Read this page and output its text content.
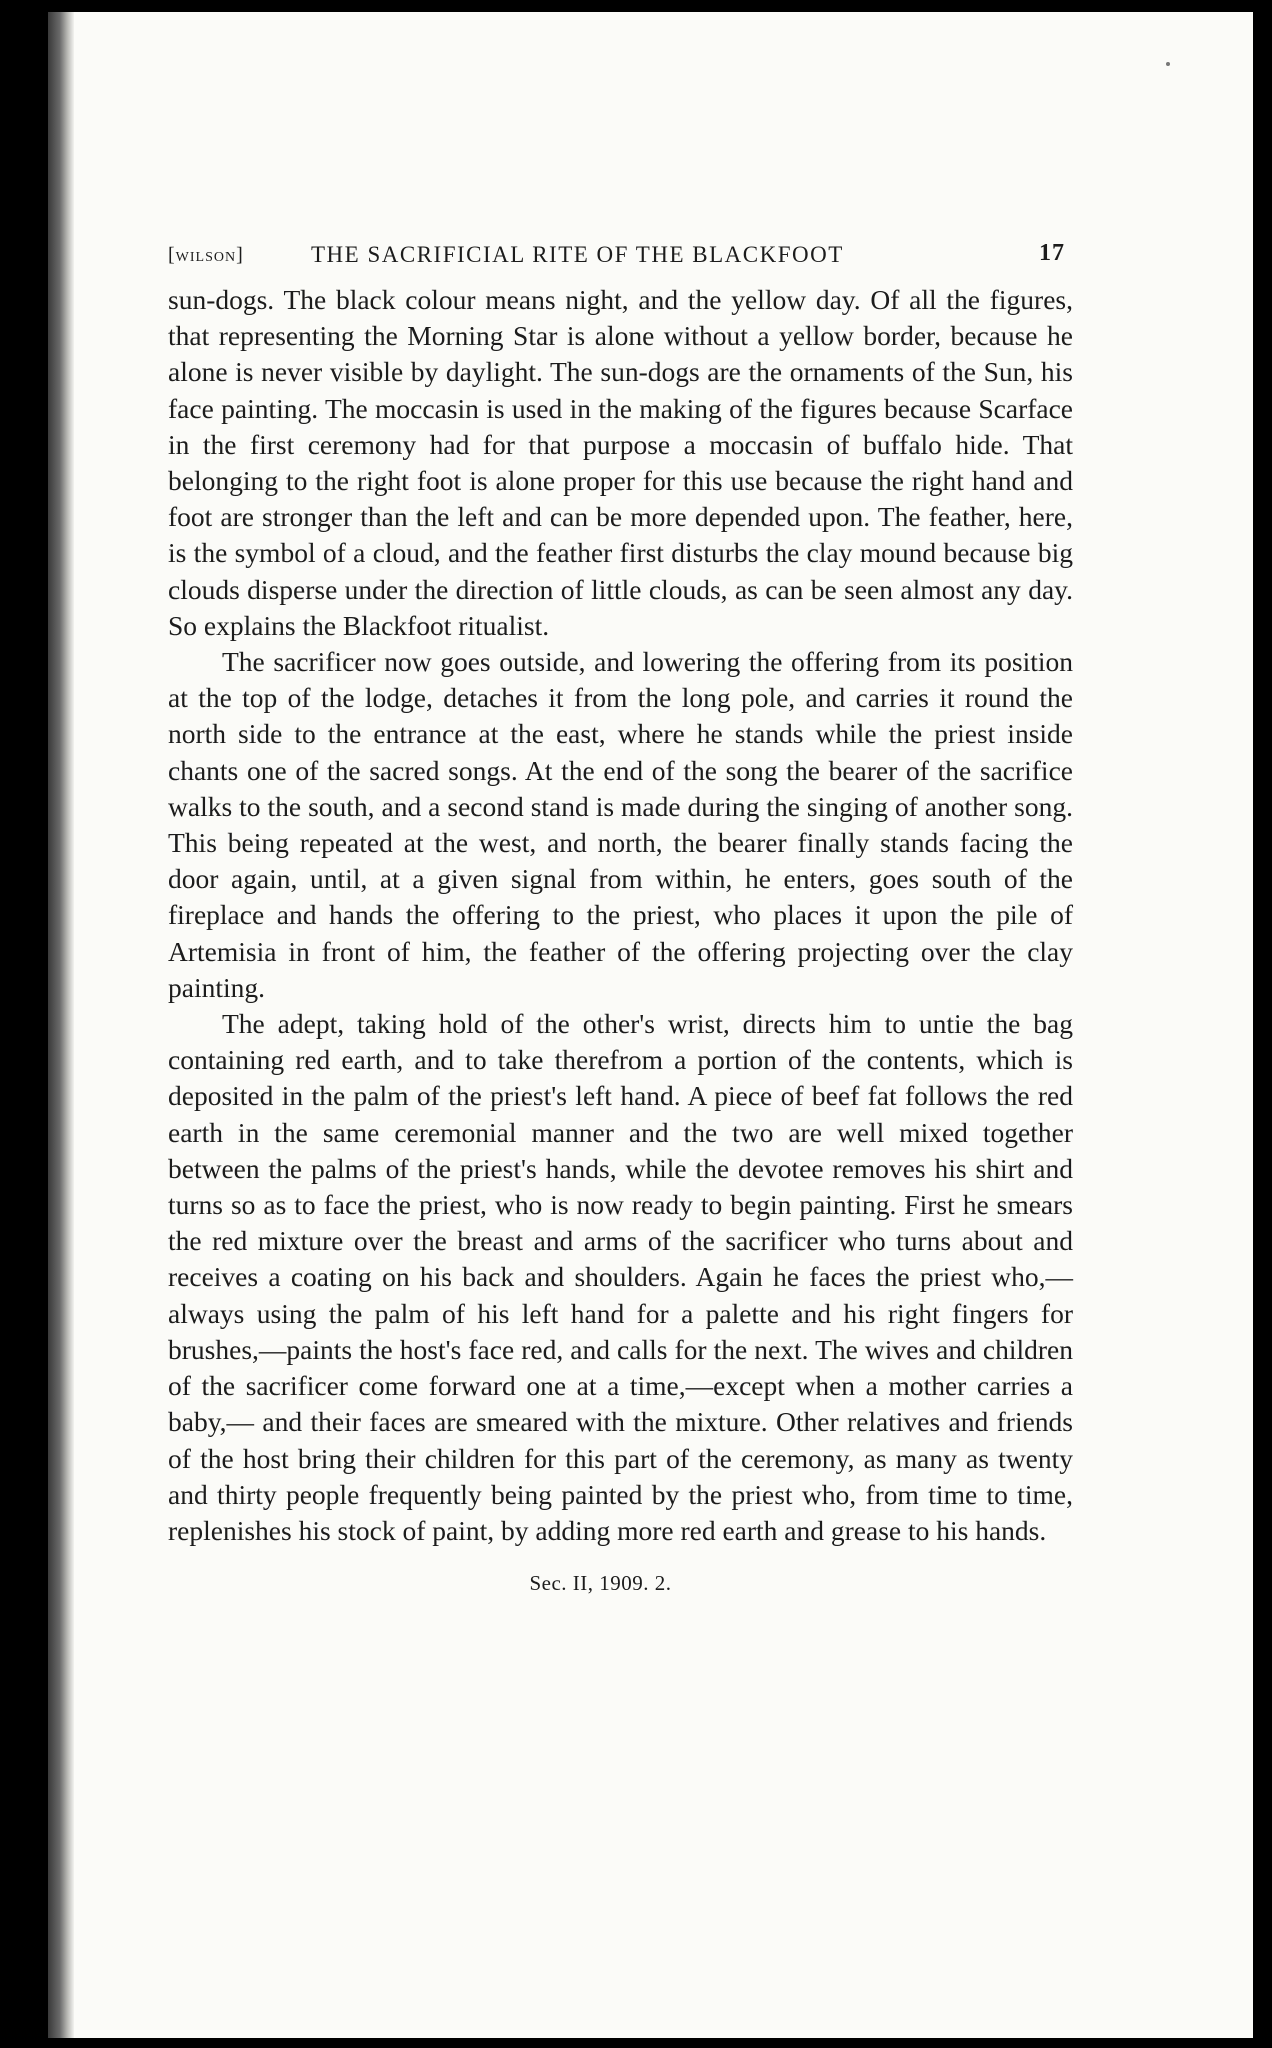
[wilson]	THE SACRIFICIAL RITE OF THE BLACKFOOT	17

sun-dogs. The black colour means night, and the yellow day. Of all the figures, that representing the Morning Star is alone without a yellow border, because he alone is never visible by daylight. The sun-dogs are the ornaments of the Sun, his face painting. The moccasin is used in the making of the figures because Scarface in the first ceremony had for that purpose a moccasin of buffalo hide. That belonging to the right foot is alone proper for this use because the right hand and foot are stronger than the left and can be more depended upon. The feather, here, is the symbol of a cloud, and the feather first disturbs the clay mound because big clouds disperse under the direction of little clouds, as can be seen almost any day. So explains the Blackfoot ritualist.

The sacrificer now goes outside, and lowering the offering from its position at the top of the lodge, detaches it from the long pole, and carries it round the north side to the entrance at the east, where he stands while the priest inside chants one of the sacred songs. At the end of the song the bearer of the sacrifice walks to the south, and a second stand is made during the singing of another song. This being repeated at the west, and north, the bearer finally stands facing the door again, until, at a given signal from within, he enters, goes south of the fireplace and hands the offering to the priest, who places it upon the pile of Artemisia in front of him, the feather of the offering projecting over the clay painting.

The adept, taking hold of the other's wrist, directs him to untie the bag containing red earth, and to take therefrom a portion of the contents, which is deposited in the palm of the priest's left hand. A piece of beef fat follows the red earth in the same ceremonial manner and the two are well mixed together between the palms of the priest's hands, while the devotee removes his shirt and turns so as to face the priest, who is now ready to begin painting. First he smears the red mixture over the breast and arms of the sacrificer who turns about and receives a coating on his back and shoulders. Again he faces the priest who,—always using the palm of his left hand for a palette and his right fingers for brushes,—paints the host's face red, and calls for the next. The wives and children of the sacrificer come forward one at a time,—except when a mother carries a baby,— and their faces are smeared with the mixture. Other relatives and friends of the host bring their children for this part of the ceremony, as many as twenty and thirty people frequently being painted by the priest who, from time to time, replenishes his stock of paint, by adding more red earth and grease to his hands.

Sec. II, 1909. 2.
